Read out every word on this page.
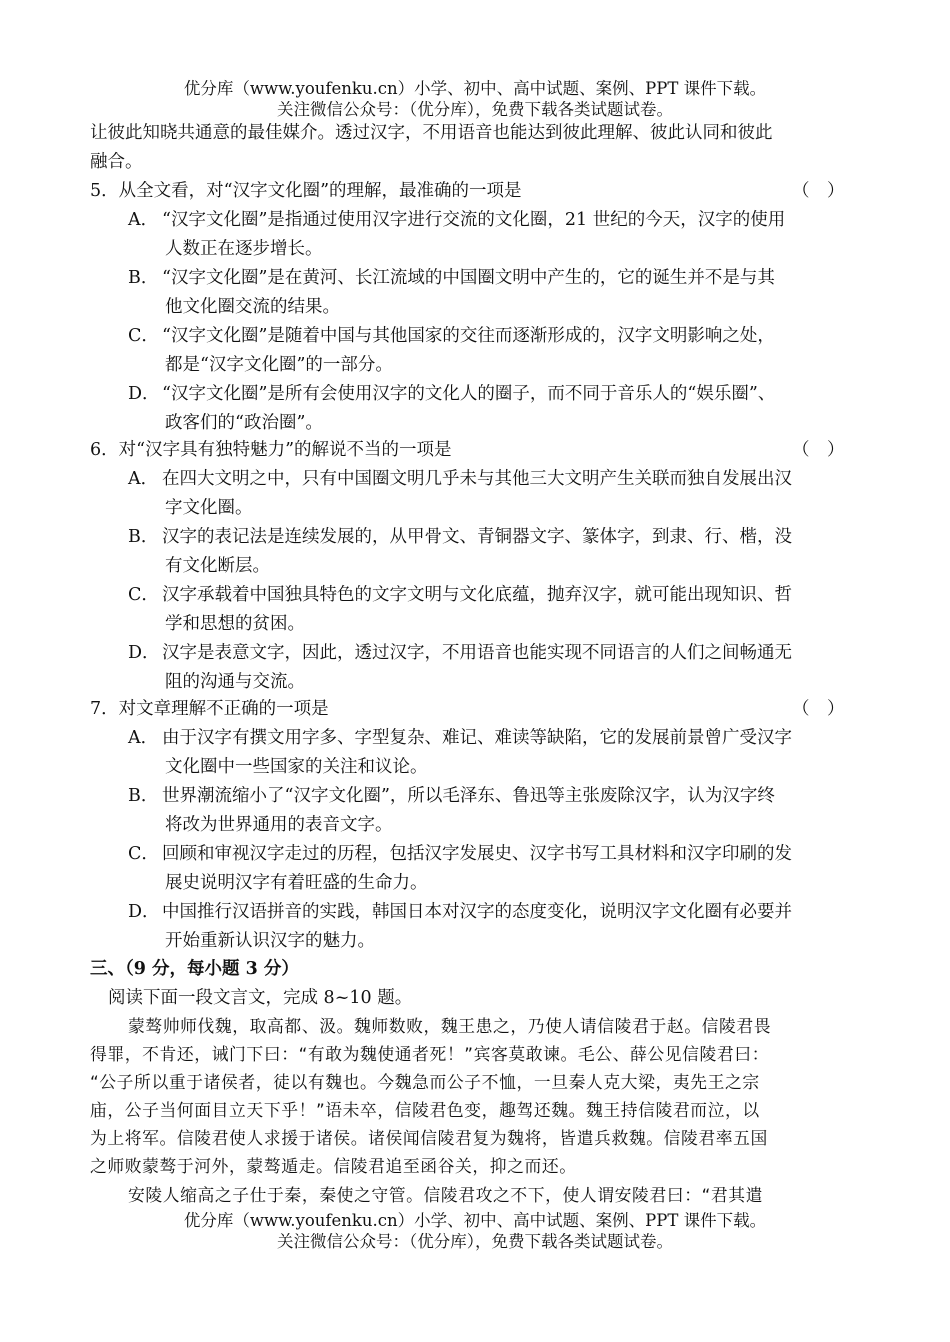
优分库（www.youfenku.cn）小学、初中、高中试题、案例、PPT 课件下载。
关注微信公众号：（优分库），免费下载各类试题试卷。
让彼此知晓共通意的最佳媒介。透过汉字，不用语音也能达到彼此理解、彼此认同和彼此
融合。
5．从全文看，对“汉字文化圈”的理解，最准确的一项是	（　）
A． “汉字文化圈”是指通过使用汉字进行交流的文化圈，21 世纪的今天，汉字的使用
人数正在逐步增长。
B． “汉字文化圈”是在黄河、长江流域的中国圈文明中产生的，它的诞生并不是与其
他文化圈交流的结果。
C． “汉字文化圈”是随着中国与其他国家的交往而逐渐形成的，汉字文明影响之处，
都是“汉字文化圈”的一部分。
D． “汉字文化圈”是所有会使用汉字的文化人的圈子，而不同于音乐人的“娱乐圈”、
政客们的“政治圈”。
6．对“汉字具有独特魅力”的解说不当的一项是	（　）
A． 在四大文明之中，只有中国圈文明几乎未与其他三大文明产生关联而独自发展出汉
字文化圈。
B． 汉字的表记法是连续发展的，从甲骨文、青铜器文字、篆体字，到隶、行、楷，没
有文化断层。
C． 汉字承载着中国独具特色的文字文明与文化底蕴，抛弃汉字，就可能出现知识、哲
学和思想的贫困。
D． 汉字是表意文字，因此，透过汉字，不用语音也能实现不同语言的人们之间畅通无
阻的沟通与交流。
7．对文章理解不正确的一项是	（　）
A． 由于汉字有撰文用字多、字型复杂、难记、难读等缺陷，它的发展前景曾广受汉字
文化圈中一些国家的关注和议论。
B． 世界潮流缩小了“汉字文化圈”，所以毛泽东、鲁迅等主张废除汉字，认为汉字终
将改为世界通用的表音文字。
C． 回顾和审视汉字走过的历程，包括汉字发展史、汉字书写工具材料和汉字印刷的发
展史说明汉字有着旺盛的生命力。
D． 中国推行汉语拼音的实践，韩国日本对汉字的态度变化，说明汉字文化圈有必要并
开始重新认识汉字的魅力。
三、（9 分，每小题 3 分）
阅读下面一段文言文，完成 8~10 题。
蒙骜帅师伐魏，取高都、汲。魏师数败，魏王患之，乃使人请信陵君于赵。信陵君畏
得罪，不肯还，诫门下曰：“有敢为魏使通者死！”宾客莫敢谏。毛公、薛公见信陵君曰：
“公子所以重于诸侯者，徒以有魏也。今魏急而公子不恤，一旦秦人克大梁，夷先王之宗
庙，公子当何面目立天下乎！”语未卒，信陵君色变，趣驾还魏。魏王持信陵君而泣，以
为上将军。信陵君使人求援于诸侯。诸侯闻信陵君复为魏将，皆遣兵救魏。信陵君率五国
之师败蒙骜于河外，蒙骜遁走。信陵君追至函谷关，抑之而还。
安陵人缩高之子仕于秦，秦使之守管。信陵君攻之不下，使人谓安陵君曰：“君其遣
优分库（www.youfenku.cn）小学、初中、高中试题、案例、PPT 课件下载。
关注微信公众号：（优分库），免费下载各类试题试卷。
